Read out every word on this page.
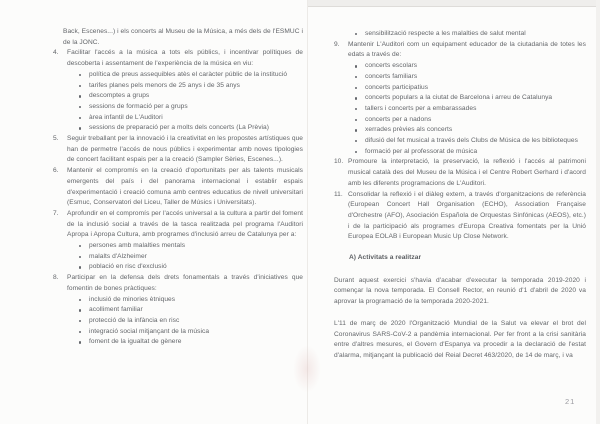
Back, Escenes...) i els concerts al Museu de la Música, a més dels de l'ESMUC i de la JONC.
4.	Facilitar l'accés a la música a tots els públics, i incentivar polítiques de descoberta i assentament de l'experiència de la música en viu:
política de preus assequibles atès el caràcter públic de la institució
tarifes planes pels menors de 25 anys i de 35 anys
descomptes a grups
sessions de formació per a grups
àrea infantil de L'Auditori
sessions de preparació per a molts dels concerts (La Prèvia)
5.	Seguir treballant per la innovació i la creativitat en les propostes artístiques que han de permetre l'accés de nous públics i experimentar amb noves tipologies de concert facilitant espais per a la creació (Sampler Sèries, Escenes...).
6.	Mantenir el compromís en la creació d'oportunitats per als talents musicals emergents del país i del panorama internacional i establir espais d'experimentació i creació comuna amb centres educatius de nivell universitari (Esmuc, Conservatori del Liceu, Taller de Músics i Universitats).
7.	Aprofundir en el compromís per l'accés universal a la cultura a partir del foment de la inclusió social a través de la tasca realitzada pel programa l'Auditori Apropa i Apropa Cultura, amb programes d'inclusió arreu de Catalunya per a:
persones amb malalties mentals
malalts d'Alzheimer
població en risc d'exclusió
8.	Participar en la defensa dels drets fonamentals a través d'iniciatives que fomentin de bones pràctiques:
inclusió de minories ètniques
acolliment familiar
protecció de la infància en risc
integració social mitjançant de la música
foment de la igualtat de gènere
sensibilització respecte a les malalties de salut mental
9.	Mantenir L'Auditori com un equipament educador de la ciutadania de totes les edats a través de:
concerts escolars
concerts familiars
concerts participatius
concerts populars a la ciutat de Barcelona i arreu de Catalunya
tallers i concerts per a embarassades
concerts per a nadons
xerrades prèvies als concerts
difusió del fet musical a través dels Clubs de Música de les biblioteques
formació per al professorat de música
10. Promoure la interpretació, la preservació, la reflexió i l'accés al patrimoni musical català des del Museu de la Música i el Centre Robert Gerhard i d'acord amb les diferents programacions de L'Auditori.
11. Consolidar la reflexió i el diàleg extern, a través d'organitzacions de referència (European Concert Hall Organisation (ECHO), Association Française d'Orchestre (AFO), Asociación Española de Orquestas Sinfónicas (AEOS), etc.) i de la participació als programes d'Europa Creativa fomentats per la Unió Europea EOLAB i European Music Up Close Network.
A) Activitats a realitzar
Durant aquest exercici s'havia d'acabar d'executar la temporada 2019-2020 i començar la nova temporada. El Consell Rector, en reunió d'1 d'abril de 2020 va aprovar la programació de la temporada 2020-2021.
L'11 de març de 2020 l'Organització Mundial de la Salut va elevar el brot del Coronavirus SARS-CoV-2 a pandèmia internacional. Per fer front a la crisi sanitària entre d'altres mesures, el Govern d'Espanya va procedir a la declaració de l'estat d'alarma, mitjançant la publicació del Reial Decret 463/2020, de 14 de març, i va
21
